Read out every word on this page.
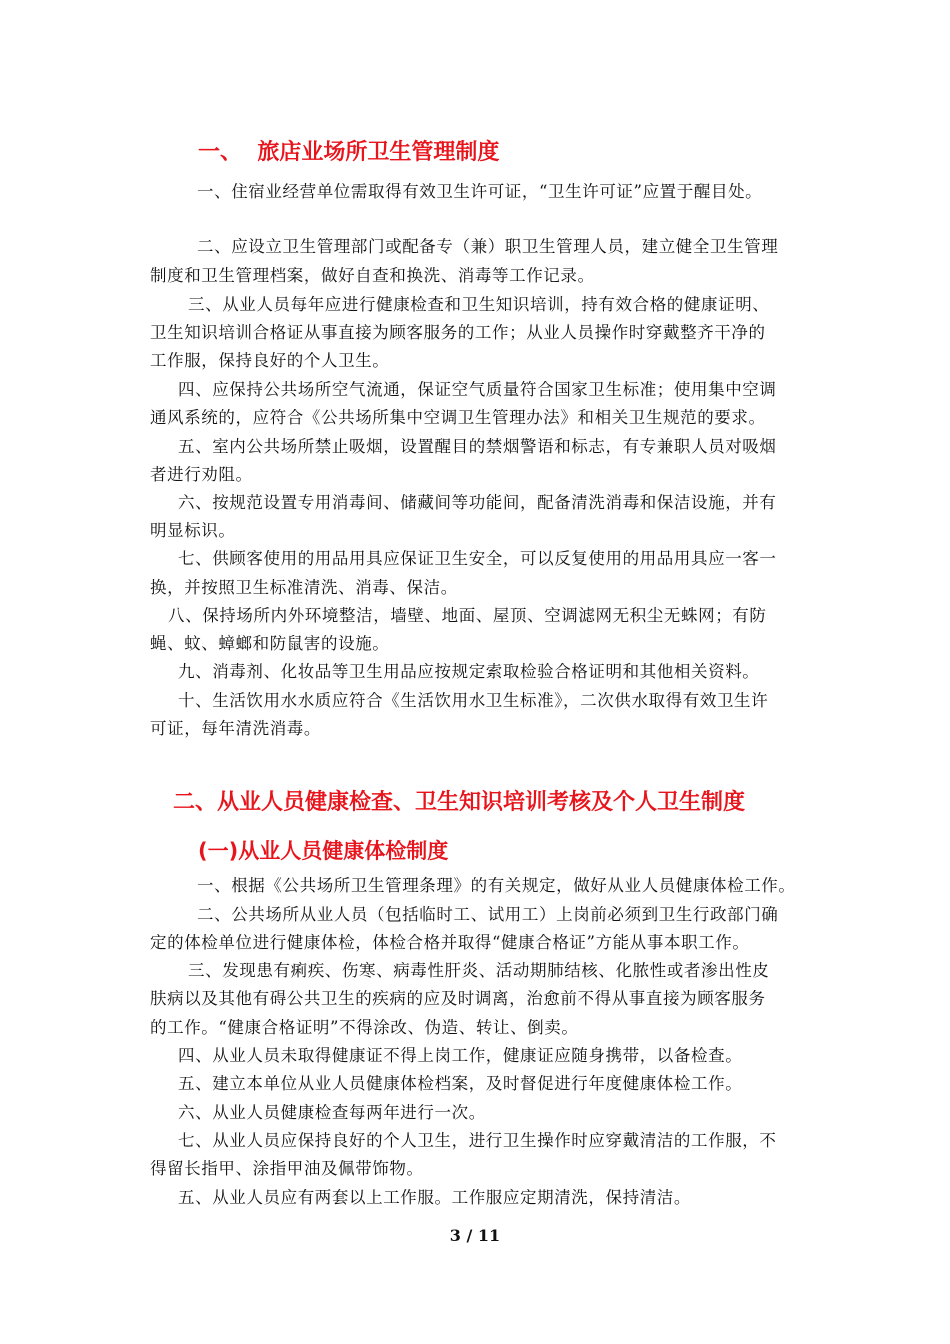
一、  旅店业场所卫生管理制度
一、住宿业经营单位需取得有效卫生许可证，“卫生许可证”应置于醒目处。
二、应设立卫生管理部门或配备专（兼）职卫生管理人员，建立健全卫生管理
制度和卫生管理档案，做好自查和换洗、消毒等工作记录。
三、从业人员每年应进行健康检查和卫生知识培训，持有效合格的健康证明、
卫生知识培训合格证从事直接为顾客服务的工作；从业人员操作时穿戴整齐干净的
工作服，保持良好的个人卫生。
四、应保持公共场所空气流通，保证空气质量符合国家卫生标准；使用集中空调
通风系统的，应符合《公共场所集中空调卫生管理办法》和相关卫生规范的要求。
五、室内公共场所禁止吸烟，设置醒目的禁烟警语和标志，有专兼职人员对吸烟
者进行劝阻。
六、按规范设置专用消毒间、储藏间等功能间，配备清洗消毒和保洁设施，并有
明显标识。
七、供顾客使用的用品用具应保证卫生安全，可以反复使用的用品用具应一客一
换，并按照卫生标准清洗、消毒、保洁。
八、保持场所内外环境整洁，墙壁、地面、屋顶、空调滤网无积尘无蛛网；有防
蝇、蚊、蟑螂和防鼠害的设施。
九、消毒剂、化妆品等卫生用品应按规定索取检验合格证明和其他相关资料。
十、生活饮用水水质应符合《生活饮用水卫生标准》，二次供水取得有效卫生许
可证，每年清洗消毒。
二、从业人员健康检查、卫生知识培训考核及个人卫生制度
(一)从业人员健康体检制度
一、根据《公共场所卫生管理条理》的有关规定，做好从业人员健康体检工作。
二、公共场所从业人员（包括临时工、试用工）上岗前必须到卫生行政部门确
定的体检单位进行健康体检，体检合格并取得“健康合格证”方能从事本职工作。
三、发现患有痢疾、伤寒、病毒性肝炎、活动期肺结核、化脓性或者渗出性皮
肤病以及其他有碍公共卫生的疾病的应及时调离，治愈前不得从事直接为顾客服务
的工作。“健康合格证明”不得涂改、伪造、转让、倒卖。
四、从业人员未取得健康证不得上岗工作，健康证应随身携带，以备检查。
五、建立本单位从业人员健康体检档案，及时督促进行年度健康体检工作。
六、从业人员健康检查每两年进行一次。
七、从业人员应保持良好的个人卫生，进行卫生操作时应穿戴清洁的工作服，不
得留长指甲、涂指甲油及佩带饰物。
五、从业人员应有两套以上工作服。工作服应定期清洗，保持清洁。
3 / 11
